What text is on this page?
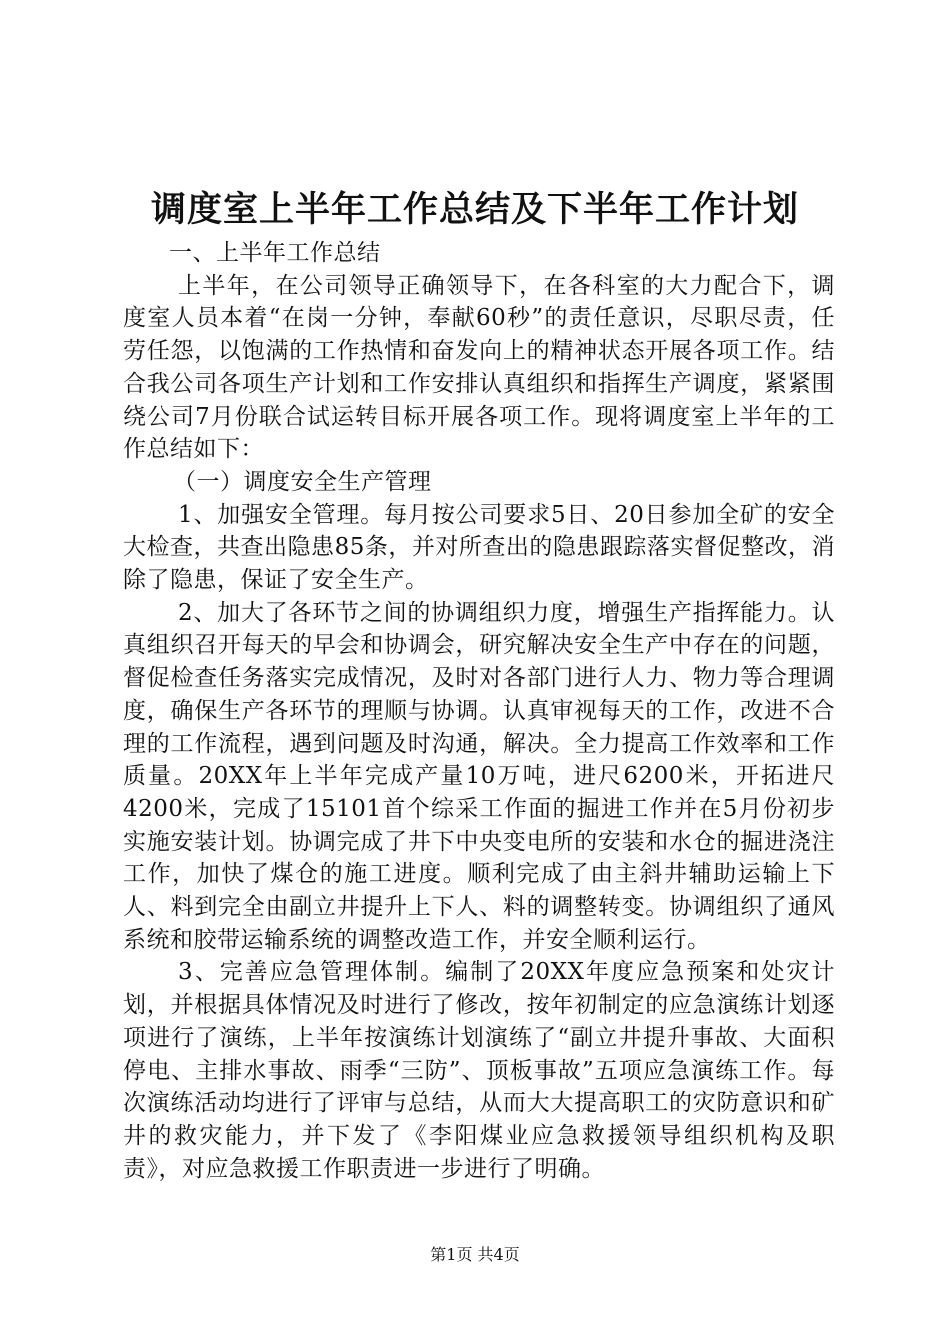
调度室上半年工作总结及下半年工作计划

一、上半年工作总结

上半年，在公司领导正确领导下，在各科室的大力配合下，调度室人员本着“在岗一分钟，奉献60秒”的责任意识，尽职尽责，任劳任怨，以饱满的工作热情和奋发向上的精神状态开展各项工作。结合我公司各项生产计划和工作安排认真组织和指挥生产调度，紧紧围绕公司7月份联合试运转目标开展各项工作。现将调度室上半年的工作总结如下：

（一）调度安全生产管理

1、加强安全管理。每月按公司要求5日、20日参加全矿的安全大检查，共查出隐患85条，并对所查出的隐患跟踪落实督促整改，消除了隐患，保证了安全生产。

2、加大了各环节之间的协调组织力度，增强生产指挥能力。认真组织召开每天的早会和协调会，研究解决安全生产中存在的问题，督促检查任务落实完成情况，及时对各部门进行人力、物力等合理调度，确保生产各环节的理顺与协调。认真审视每天的工作，改进不合理的工作流程，遇到问题及时沟通，解决。全力提高工作效率和工作质量。20XX年上半年完成产量10万吨，进尺6200米，开拓进尺4200米，完成了15101首个综采工作面的掘进工作并在5月份初步实施安装计划。协调完成了井下中央变电所的安装和水仓的掘进浇注工作，加快了煤仓的施工进度。顺利完成了由主斜井辅助运输上下人、料到完全由副立井提升上下人、料的调整转变。协调组织了通风系统和胶带运输系统的调整改造工作，并安全顺利运行。

3、完善应急管理体制。编制了20XX年度应急预案和处灾计划，并根据具体情况及时进行了修改，按年初制定的应急演练计划逐项进行了演练，上半年按演练计划演练了“副立井提升事故、大面积停电、主排水事故、雨季“三防”、顶板事故”五项应急演练工作。每次演练活动均进行了评审与总结，从而大大提高职工的灾防意识和矿井的救灾能力，并下发了《李阳煤业应急救援领导组织机构及职责》，对应急救援工作职责进一步进行了明确。

第1页 共4页
